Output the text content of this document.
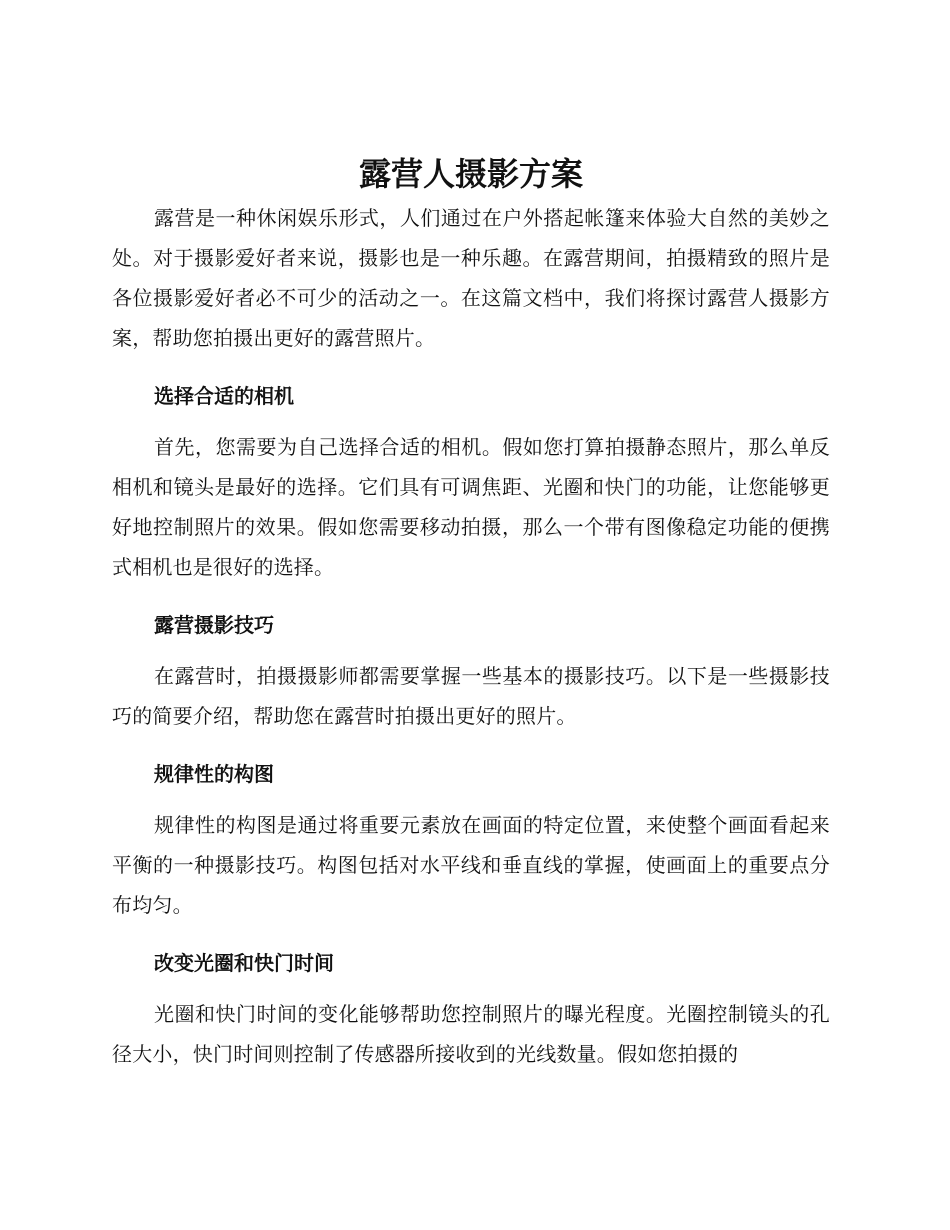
露营人摄影方案

露营是一种休闲娱乐形式，人们通过在户外搭起帐篷来体验大自然的美妙之处。对于摄影爱好者来说，摄影也是一种乐趣。在露营期间，拍摄精致的照片是各位摄影爱好者必不可少的活动之一。在这篇文档中，我们将探讨露营人摄影方案，帮助您拍摄出更好的露营照片。

选择合适的相机

首先，您需要为自己选择合适的相机。假如您打算拍摄静态照片，那么单反相机和镜头是最好的选择。它们具有可调焦距、光圈和快门的功能，让您能够更好地控制照片的效果。假如您需要移动拍摄，那么一个带有图像稳定功能的便携式相机也是很好的选择。

露营摄影技巧

在露营时，拍摄摄影师都需要掌握一些基本的摄影技巧。以下是一些摄影技巧的简要介绍，帮助您在露营时拍摄出更好的照片。

规律性的构图

规律性的构图是通过将重要元素放在画面的特定位置，来使整个画面看起来平衡的一种摄影技巧。构图包括对水平线和垂直线的掌握，使画面上的重要点分布均匀。

改变光圈和快门时间

光圈和快门时间的变化能够帮助您控制照片的曝光程度。光圈控制镜头的孔径大小，快门时间则控制了传感器所接收到的光线数量。假如您拍摄的
